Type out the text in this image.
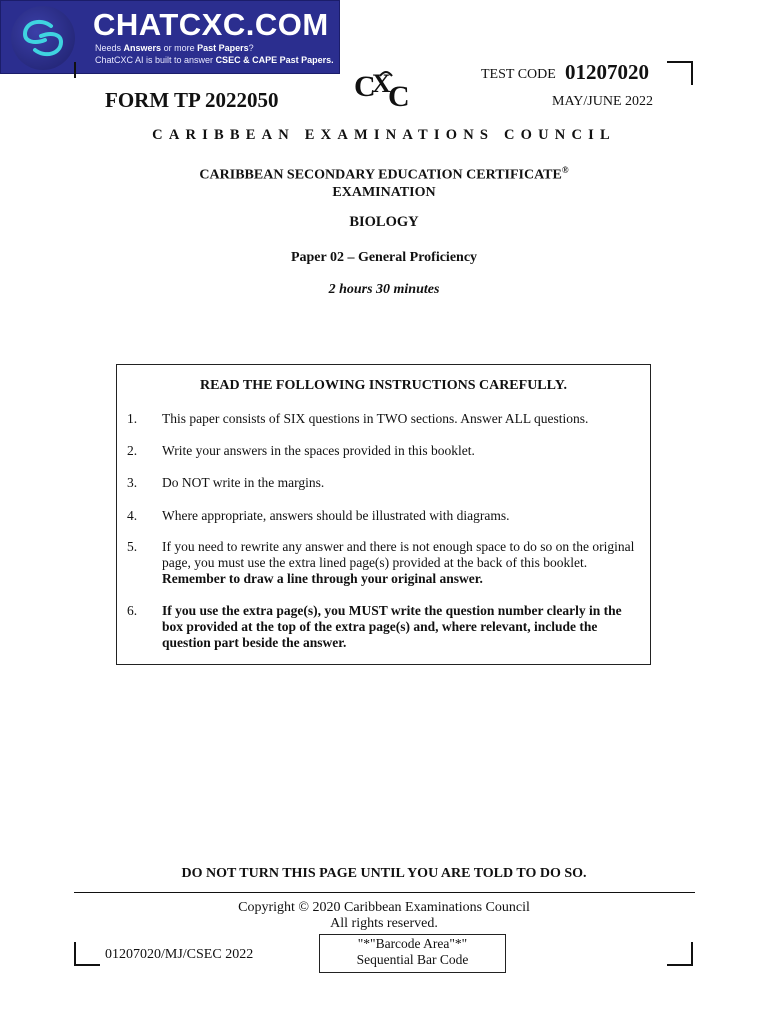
CHATCXC.COM
Needs Answers or more Past Papers?
ChatCXC AI is built to answer CSEC & CAPE Past Papers.
TEST CODE 01207020
FORM TP 2022050	MAY/JUNE 2022
C
X
C
CARIBBEAN EXAMINATIONS COUNCIL
CARIBBEAN SECONDARY EDUCATION CERTIFICATE®
EXAMINATION
BIOLOGY
Paper 02 – General Proficiency
2 hours 30 minutes
READ THE FOLLOWING INSTRUCTIONS CAREFULLY.
1. This paper consists of SIX questions in TWO sections. Answer ALL questions.
2. Write your answers in the spaces provided in this booklet.
3. Do NOT write in the margins.
4. Where appropriate, answers should be illustrated with diagrams.
5. If you need to rewrite any answer and there is not enough space to do so on the original page, you must use the extra lined page(s) provided at the back of this booklet. Remember to draw a line through your original answer.
6. If you use the extra page(s), you MUST write the question number clearly in the box provided at the top of the extra page(s) and, where relevant, include the question part beside the answer.
DO NOT TURN THIS PAGE UNTIL YOU ARE TOLD TO DO SO.
Copyright © 2020 Caribbean Examinations Council
All rights reserved.
01207020/MJ/CSEC 2022
"*"Barcode Area"*"
Sequential Bar Code
